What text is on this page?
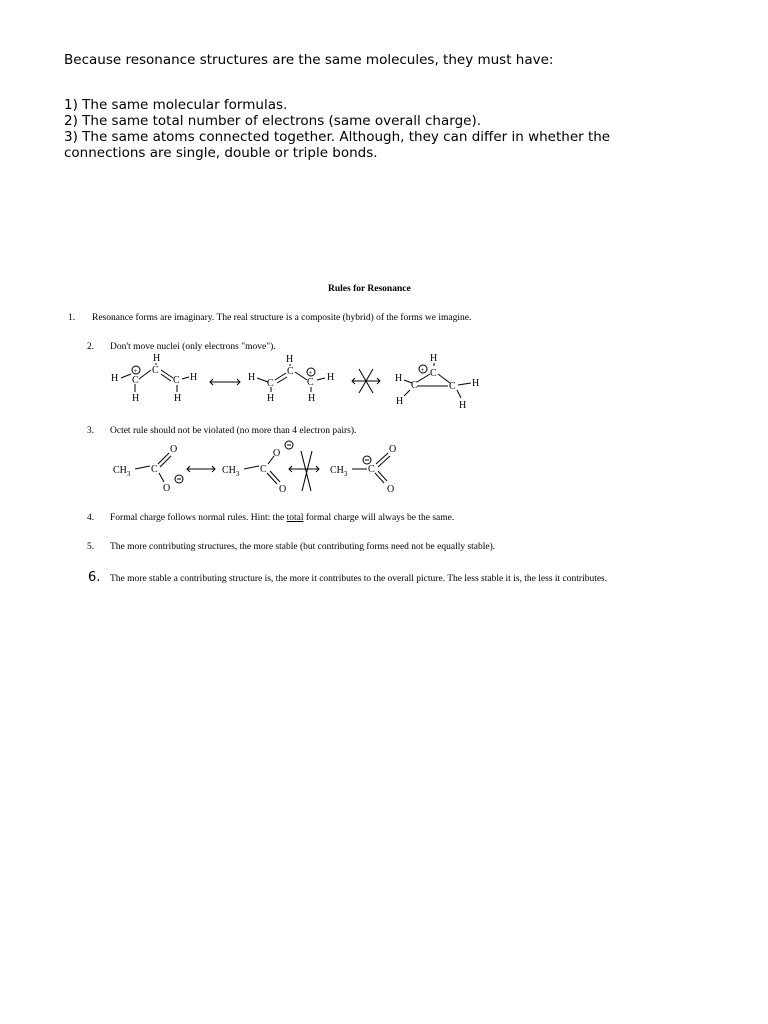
Because resonance structures are the same molecules, they must have:
1) The same molecular formulas.
2) The same total number of electrons (same overall charge).
3) The same atoms connected together. Although, they can differ in whether the
connections are single, double or triple bonds.
Rules for Resonance
1. Resonance forms are imaginary. The real structure is a composite (hybrid) of the forms we imagine.
2. Don't move nuclei (only electrons "move").
H C
+
H
C
H
C H
H
H
C
H
C
H
C
+ H
H
H
C
+
H
C	C H
H
H
3. Octet rule should not be violated (no more than 4 electron pairs).
$CH_3$ C
O
O
$CH_3$ C
O
O
$CH_3$ C
O
O
4. Formal charge follows normal rules. Hint: the total formal charge will always be the same.
5. The more contributing structures, the more stable (but contributing forms need not be equally stable).
6. The more stable a contributing structure is, the more it contributes to the overall picture. The less stable it is, the less it contributes.
